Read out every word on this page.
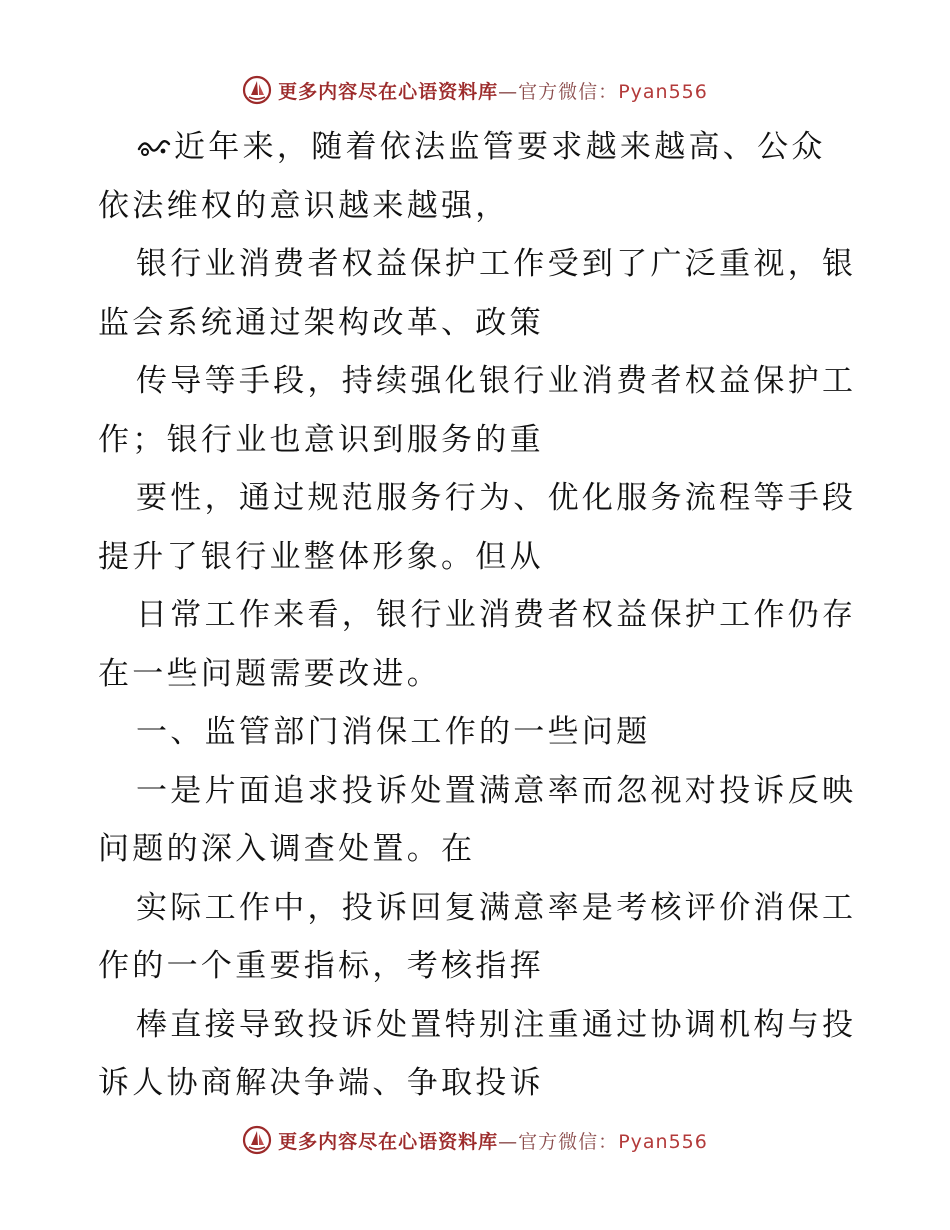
更多内容尽在心语资料库—官方微信：Pyan556
近年来，随着依法监管要求越来越高、公众
依法维权的意识越来越强，
银行业消费者权益保护工作受到了广泛重视，银
监会系统通过架构改革、政策
传导等手段，持续强化银行业消费者权益保护工
作；银行业也意识到服务的重
要性，通过规范服务行为、优化服务流程等手段
提升了银行业整体形象。但从
日常工作来看，银行业消费者权益保护工作仍存
在一些问题需要改进。
一、监管部门消保工作的一些问题
一是片面追求投诉处置满意率而忽视对投诉反映
问题的深入调查处置。在
实际工作中，投诉回复满意率是考核评价消保工
作的一个重要指标，考核指挥
棒直接导致投诉处置特别注重通过协调机构与投
诉人协商解决争端、争取投诉
更多内容尽在心语资料库—官方微信：Pyan556
